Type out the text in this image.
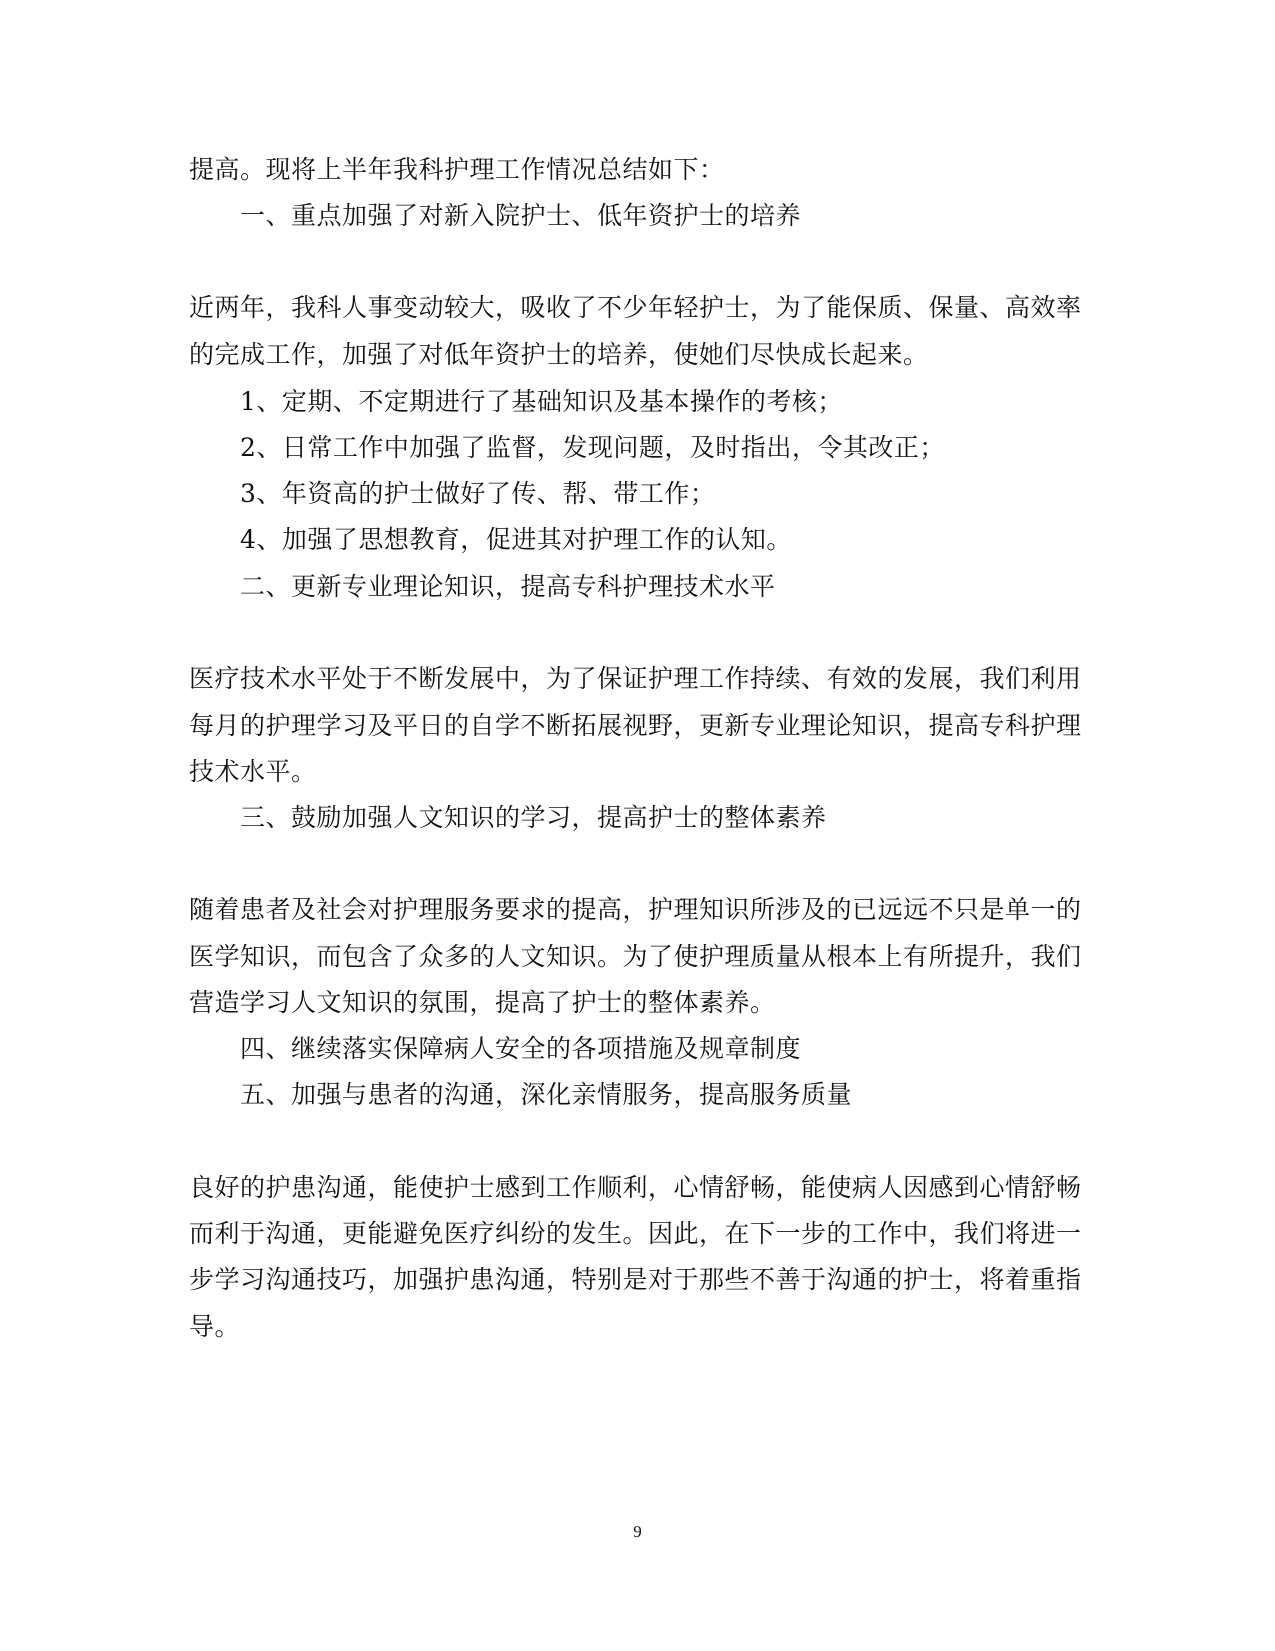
提高。现将上半年我科护理工作情况总结如下：
一、重点加强了对新入院护士、低年资护士的培养
近两年，我科人事变动较大，吸收了不少年轻护士，为了能保质、保量、高效率
的完成工作，加强了对低年资护士的培养，使她们尽快成长起来。
1、定期、不定期进行了基础知识及基本操作的考核；
2、日常工作中加强了监督，发现问题，及时指出，令其改正；
3、年资高的护士做好了传、帮、带工作；
4、加强了思想教育，促进其对护理工作的认知。
二、更新专业理论知识，提高专科护理技术水平
医疗技术水平处于不断发展中，为了保证护理工作持续、有效的发展，我们利用
每月的护理学习及平日的自学不断拓展视野，更新专业理论知识，提高专科护理
技术水平。
三、鼓励加强人文知识的学习，提高护士的整体素养
随着患者及社会对护理服务要求的提高，护理知识所涉及的已远远不只是单一的
医学知识，而包含了众多的人文知识。为了使护理质量从根本上有所提升，我们
营造学习人文知识的氛围，提高了护士的整体素养。
四、继续落实保障病人安全的各项措施及规章制度
五、加强与患者的沟通，深化亲情服务，提高服务质量
良好的护患沟通，能使护士感到工作顺利，心情舒畅，能使病人因感到心情舒畅
而利于沟通，更能避免医疗纠纷的发生。因此，在下一步的工作中，我们将进一
步学习沟通技巧，加强护患沟通，特别是对于那些不善于沟通的护士，将着重指
导。
9
